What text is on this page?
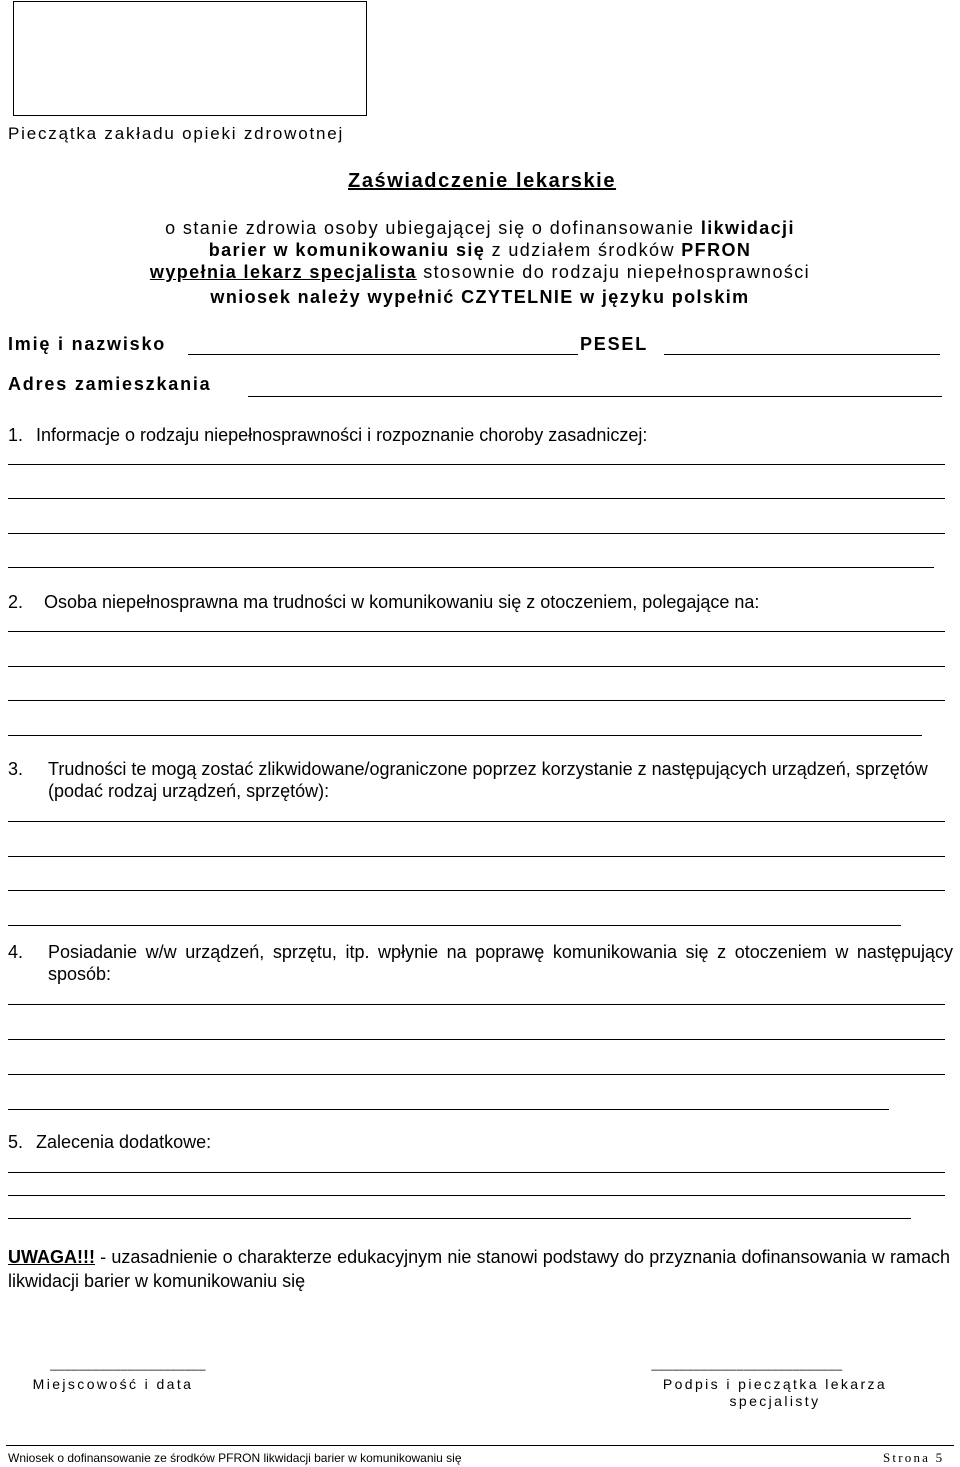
Pieczątka zakładu opieki zdrowotnej
Zaświadczenie lekarskie
o stanie zdrowia osoby ubiegającej się o dofinansowanie likwidacji
barier w komunikowaniu się z udziałem środków PFRON
wypełnia lekarz specjalista stosownie do rodzaju niepełnosprawności
wniosek należy wypełnić CZYTELNIE w języku polskim
Imię i nazwisko	PESEL
Adres zamieszkania
1. Informacje o rodzaju niepełnosprawności i rozpoznanie choroby zasadniczej:
2. Osoba niepełnosprawna ma trudności w komunikowaniu się z otoczeniem, polegające na:
3. Trudności te mogą zostać zlikwidowane/ograniczone poprzez korzystanie z następujących urządzeń, sprzętów (podać rodzaj urządzeń, sprzętów):
4. Posiadanie w/w urządzeń, sprzętu, itp. wpłynie na poprawę komunikowania się z otoczeniem w następujący sposób:
5. Zalecenia dodatkowe:
UWAGA!!! - uzasadnienie o charakterze edukacyjnym nie stanowi podstawy do przyznania dofinansowania w ramach likwidacji barier w komunikowaniu się
______________________
Miejscowość i data
___________________________
Podpis i pieczątka lekarza
specjalisty
Wniosek o dofinansowanie ze środków PFRON likwidacji barier w komunikowaniu się	Strona 5
